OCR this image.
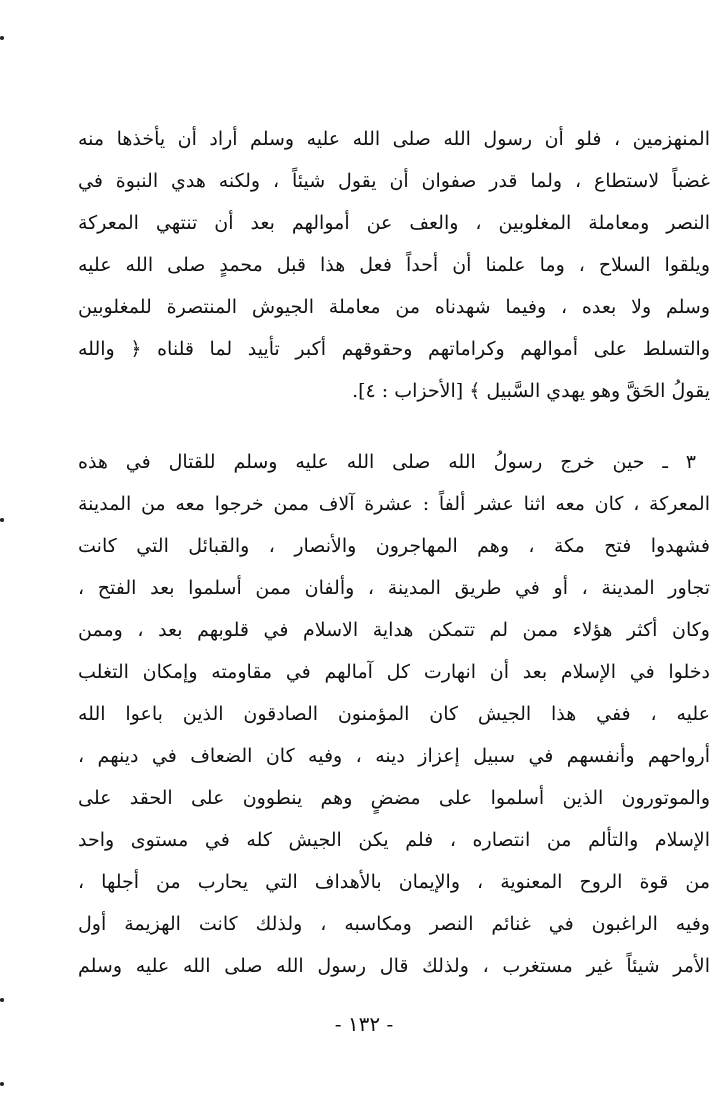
المنهزمين ، فلو أن رسول الله صلى الله عليه وسلم أراد أن يأخذها منه
غضباً لاستطاع ، ولما قدر صفوان أن يقول شيئاً ، ولكنه هدي النبوة في
النصر ومعاملة المغلوبين ، والعف عن أموالهم بعد أن تنتهي المعركة
ويلقوا السلاح ، وما علمنا أن أحداً فعل هذا قبل محمدٍ صلى الله عليه
وسلم ولا بعده ، وفيما شهدناه من معاملة الجيوش المنتصرة للمغلوبين
والتسلط على أموالهم وكراماتهم وحقوقهم أكبر تأييد لما قلناه ﴿ والله
يقولُ الحَقَّ وهو يهدي السَّبيل ﴾ [الأحزاب : ٤].
٣ ـ حين خرج رسولُ الله صلى الله عليه وسلم للقتال في هذه
المعركة ، كان معه اثنا عشر ألفاً : عشرة آلاف ممن خرجوا معه من المدينة
فشهدوا فتح مكة ، وهم المهاجرون والأنصار ، والقبائل التي كانت
تجاور المدينة ، أو في طريق المدينة ، وألفان ممن أسلموا بعد الفتح ،
وكان أكثر هؤلاء ممن لم تتمكن هداية الاسلام في قلوبهم بعد ، وممن
دخلوا في الإسلام بعد أن انهارت كل آمالهم في مقاومته وإمكان التغلب
عليه ، ففي هذا الجيش كان المؤمنون الصادقون الذين باعوا الله
أرواحهم وأنفسهم في سبيل إعزاز دينه ، وفيه كان الضعاف في دينهم ،
والموتورون الذين أسلموا على مضضٍ وهم ينطوون على الحقد على
الإسلام والتألم من انتصاره ، فلم يكن الجيش كله في مستوى واحد
من قوة الروح المعنوية ، والإيمان بالأهداف التي يحارب من أجلها ،
وفيه الراغبون في غنائم النصر ومكاسبه ، ولذلك كانت الهزيمة أول
الأمر شيئاً غير مستغرب ، ولذلك قال رسول الله صلى الله عليه وسلم
- ١٣٢ -
